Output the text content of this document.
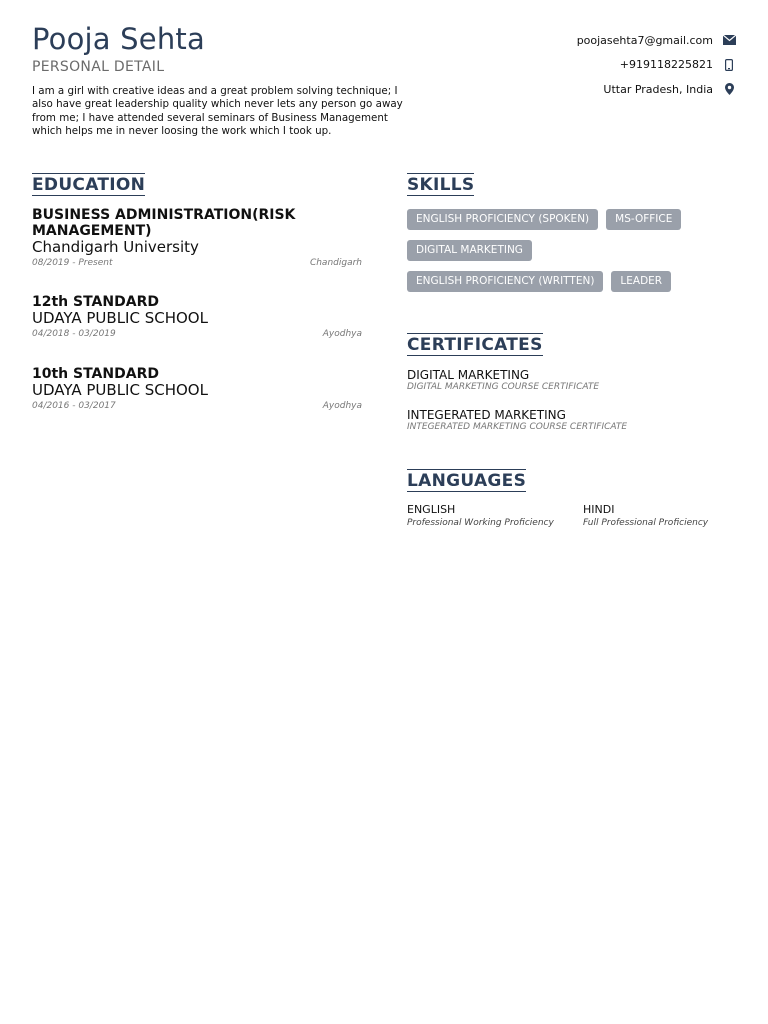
Pooja Sehta
PERSONAL DETAIL
I am a girl with creative ideas and a great problem solving technique; I also have great leadership quality which never lets any person go away from me; I have attended several seminars of Business Management which helps me in never loosing the work which I took up.
poojasehta7@gmail.com
+919118225821
Uttar Pradesh, India
EDUCATION
BUSINESS ADMINISTRATION(RISK MANAGEMENT)
Chandigarh University
08/2019 - Present	Chandigarh
12th STANDARD
UDAYA PUBLIC SCHOOL
04/2018 - 03/2019	Ayodhya
10th STANDARD
UDAYA PUBLIC SCHOOL
04/2016 - 03/2017	Ayodhya
SKILLS
ENGLISH PROFICIENCY (SPOKEN)	MS-OFFICE
DIGITAL MARKETING
ENGLISH PROFICIENCY (WRITTEN)	LEADER
CERTIFICATES
DIGITAL MARKETING
DIGITAL MARKETING COURSE CERTIFICATE
INTEGERATED MARKETING
INTEGERATED MARKETING COURSE CERTIFICATE
LANGUAGES
ENGLISH
Professional Working Proficiency
HINDI
Full Professional Proficiency
